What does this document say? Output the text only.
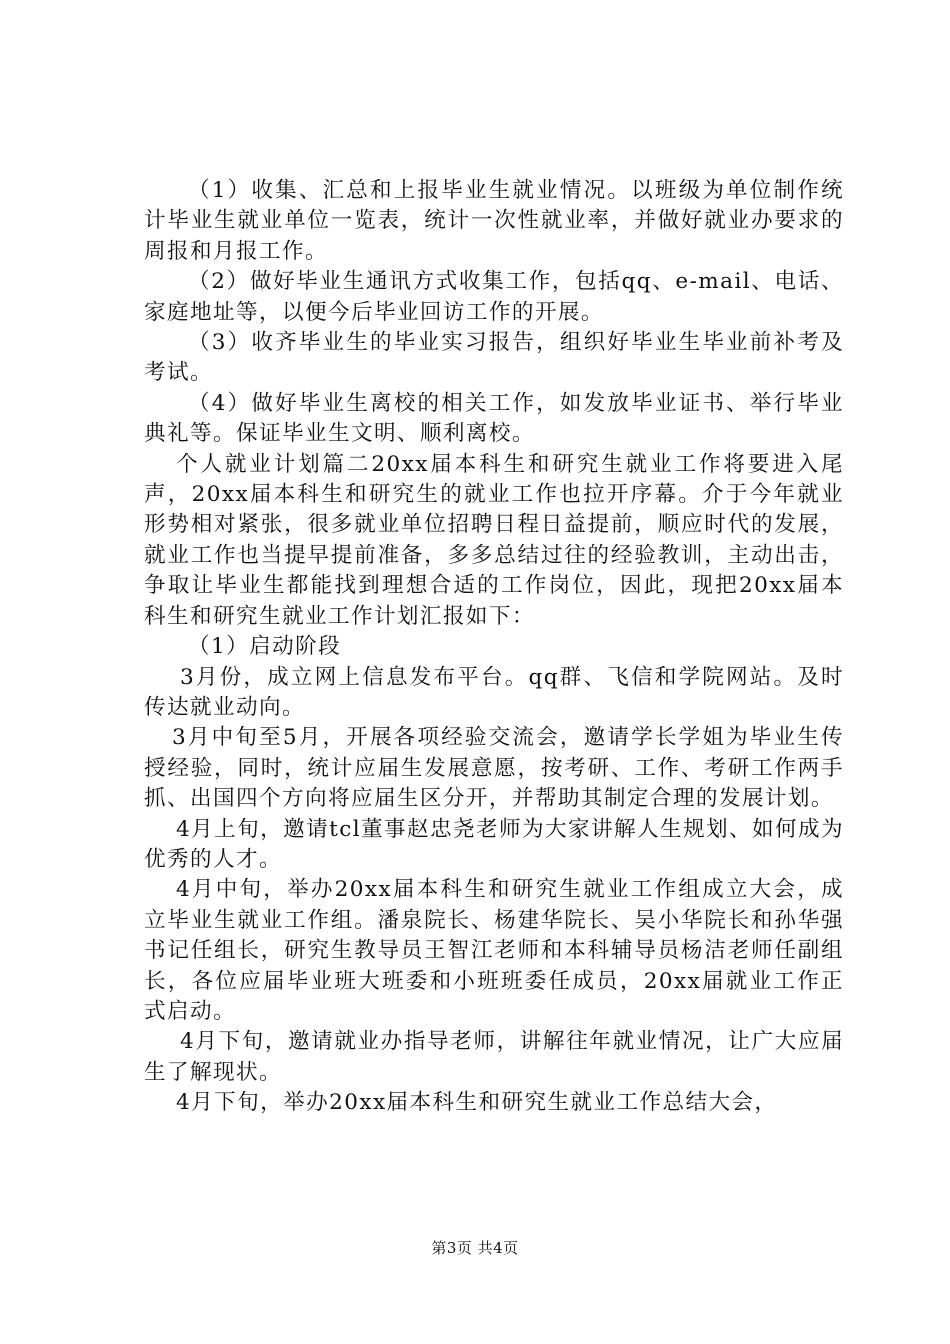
（1）收集、汇总和上报毕业生就业情况。以班级为单位制作统计毕业生就业单位一览表，统计一次性就业率，并做好就业办要求的周报和月报工作。

（2）做好毕业生通讯方式收集工作，包括qq、e-mail、电话、家庭地址等，以便今后毕业回访工作的开展。

（3）收齐毕业生的毕业实习报告，组织好毕业生毕业前补考及考试。

（4）做好毕业生离校的相关工作，如发放毕业证书、举行毕业典礼等。保证毕业生文明、顺利离校。

个人就业计划篇二20xx届本科生和研究生就业工作将要进入尾声，20xx届本科生和研究生的就业工作也拉开序幕。介于今年就业形势相对紧张，很多就业单位招聘日程日益提前，顺应时代的发展，就业工作也当提早提前准备，多多总结过往的经验教训，主动出击，争取让毕业生都能找到理想合适的工作岗位，因此，现把20xx届本科生和研究生就业工作计划汇报如下：

（1）启动阶段

3月份，成立网上信息发布平台。qq群、飞信和学院网站。及时传达就业动向。

3月中旬至5月，开展各项经验交流会，邀请学长学姐为毕业生传授经验，同时，统计应届生发展意愿，按考研、工作、考研工作两手抓、出国四个方向将应届生区分开，并帮助其制定合理的发展计划。

4月上旬，邀请tcl董事赵忠尧老师为大家讲解人生规划、如何成为优秀的人才。

4月中旬，举办20xx届本科生和研究生就业工作组成立大会，成立毕业生就业工作组。潘泉院长、杨建华院长、吴小华院长和孙华强书记任组长，研究生教导员王智江老师和本科辅导员杨洁老师任副组长，各位应届毕业班大班委和小班班委任成员，20xx届就业工作正式启动。

4月下旬，邀请就业办指导老师，讲解往年就业情况，让广大应届生了解现状。

4月下旬，举办20xx届本科生和研究生就业工作总结大会，

第3页 共4页
